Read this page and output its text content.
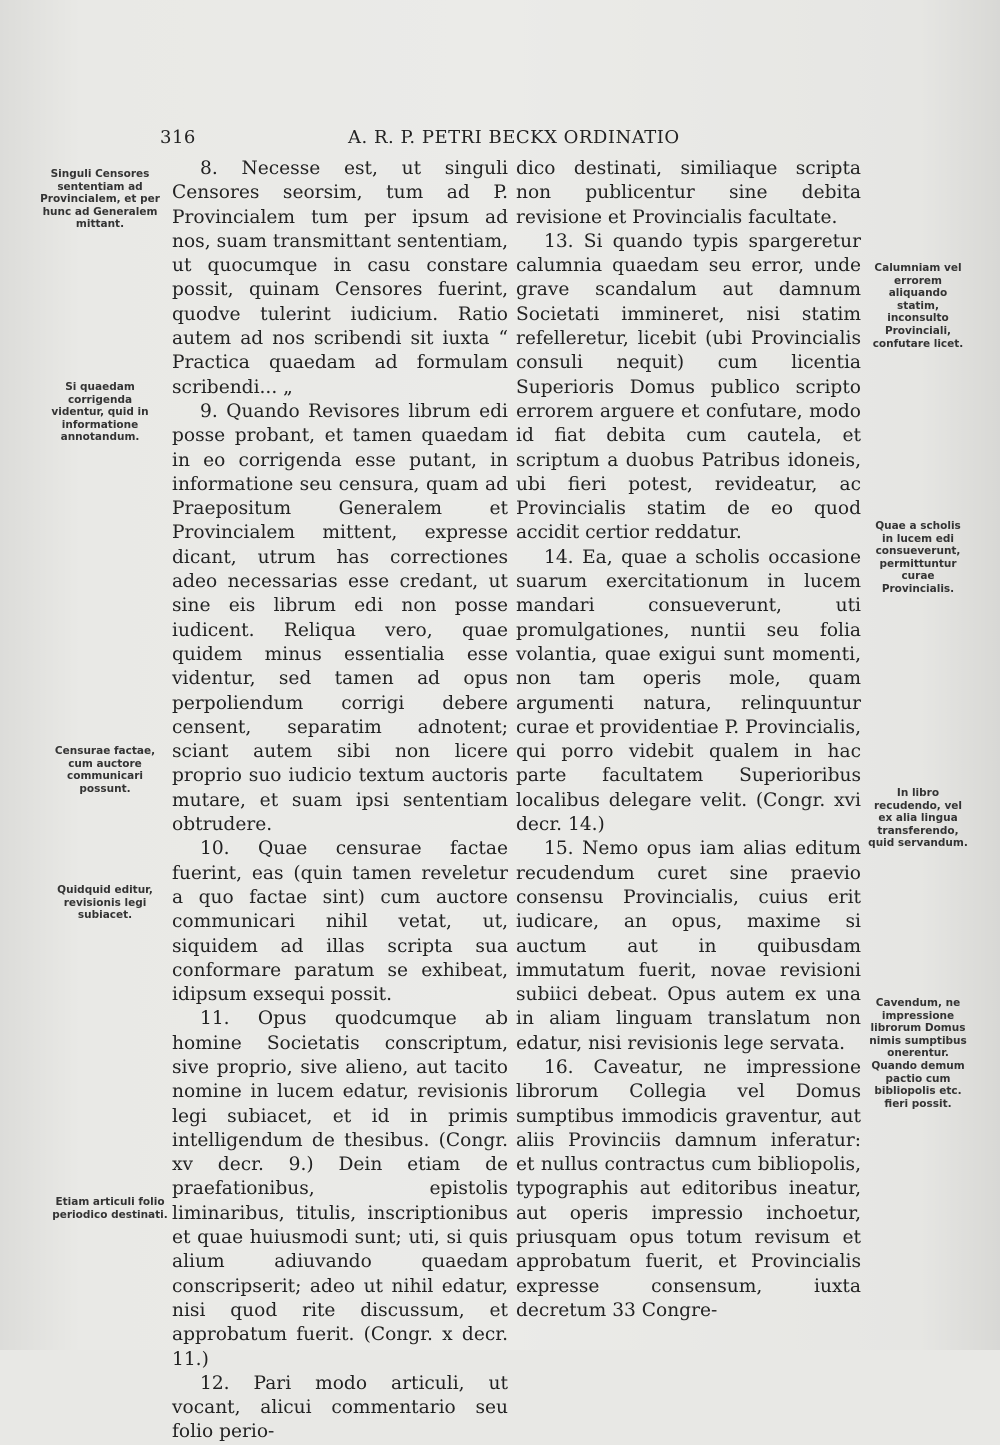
316	A. R. P. PETRI BECKX ORDINATIO

8. Necesse est, ut singuli Censores seorsim, tum ad P. Provincialem tum per ipsum ad nos, suam transmittant sententiam, ut quocumque in casu constare possit, quinam Censores fuerint, quodve tulerint iudicium. Ratio autem ad nos scribendi sit iuxta “ Practica quaedam ad formulam scribendi... „

9. Quando Revisores librum edi posse probant, et tamen quaedam in eo corrigenda esse putant, in informatione seu censura, quam ad Praepositum Generalem et Provincialem mittent, expresse dicant, utrum has correctiones adeo necessarias esse credant, ut sine eis librum edi non posse iudicent. Reliqua vero, quae quidem minus essentialia esse videntur, sed tamen ad opus perpoliendum corrigi debere censent, separatim adnotent; sciant autem sibi non licere proprio suo iudicio textum auctoris mutare, et suam ipsi sententiam obtrudere.

10. Quae censurae factae fuerint, eas (quin tamen reveletur a quo factae sint) cum auctore communicari nihil vetat, ut, siquidem ad illas scripta sua conformare paratum se exhibeat, idipsum exsequi possit.

11. Opus quodcumque ab homine Societatis conscriptum, sive proprio, sive alieno, aut tacito nomine in lucem edatur, revisionis legi subiacet, et id in primis intelligendum de thesibus. (Congr. xv decr. 9.) Dein etiam de praefationibus, epistolis liminaribus, titulis, inscriptionibus et quae huiusmodi sunt; uti, si quis alium adiuvando quaedam conscripserit; adeo ut nihil edatur, nisi quod rite discussum, et approbatum fuerit. (Congr. x decr. 11.)

12. Pari modo articuli, ut vocant, alicui commentario seu folio perio-

dico destinati, similiaque scripta non publicentur sine debita revisione et Provincialis facultate.

13. Si quando typis spargeretur calumnia quaedam seu error, unde grave scandalum aut damnum Societati immineret, nisi statim refelleretur, licebit (ubi Provincialis consuli nequit) cum licentia Superioris Domus publico scripto errorem arguere et confutare, modo id fiat debita cum cautela, et scriptum a duobus Patribus idoneis, ubi fieri potest, revideatur, ac Provincialis statim de eo quod accidit certior reddatur.

14. Ea, quae a scholis occasione suarum exercitationum in lucem mandari consueverunt, uti promulgationes, nuntii seu folia volantia, quae exigui sunt momenti, non tam operis mole, quam argumenti natura, relinquuntur curae et providentiae P. Provincialis, qui porro videbit qualem in hac parte facultatem Superioribus localibus delegare velit. (Congr. xvi decr. 14.)

15. Nemo opus iam alias editum recudendum curet sine praevio consensu Provincialis, cuius erit iudicare, an opus, maxime si auctum aut in quibusdam immutatum fuerit, novae revisioni subiici debeat. Opus autem ex una in aliam linguam translatum non edatur, nisi revisionis lege servata.

16. Caveatur, ne impressione librorum Collegia vel Domus sumptibus immodicis graventur, aut aliis Provinciis damnum inferatur: et nullus contractus cum bibliopolis, typographis aut editoribus ineatur, aut operis impressio inchoetur, priusquam opus totum revisum et approbatum fuerit, et Provincialis expresse consensum, iuxta decretum 33 Congre-

Singuli Censores sententiam ad Provincialem, et per hunc ad Generalem mittant.
Si quaedam corrigenda videntur, quid in informatione annotandum.
Censurae factae, cum auctore communicari possunt.
Quidquid editur, revisionis legi subiacet.
Etiam articuli folio periodico destinati.
Calumniam vel errorem aliquando statim, inconsulto Provinciali, confutare licet.
Quae a scholis in lucem edi consueverunt, permittuntur curae Provincialis.
In libro recudendo, vel ex alia lingua transferendo, quid servandum.
Cavendum, ne impressione librorum Domus nimis sumptibus onerentur. Quando demum pactio cum bibliopolis etc. fieri possit.
